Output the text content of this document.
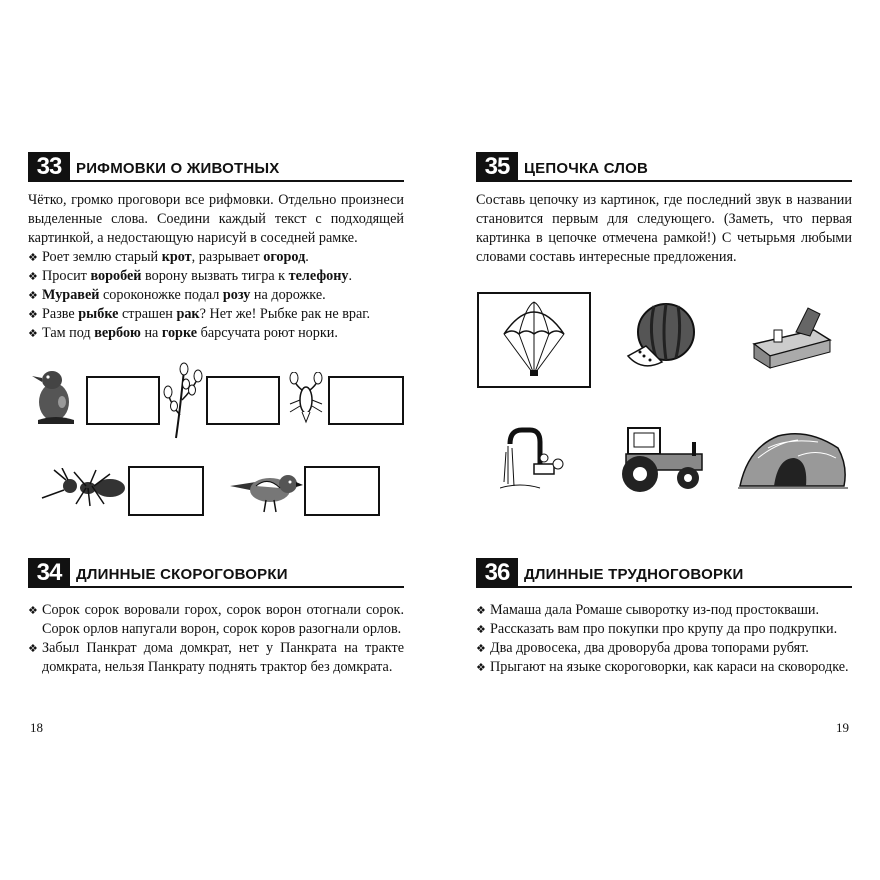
33 РИФМОВКИ О ЖИВОТНЫХ

Чётко, громко проговори все рифмовки. Отдельно произнеси выделенные слова. Соедини каждый текст с подходящей картинкой, а недостающую нарисуй в соседней рамке.

❖ Роет землю старый крот, разрывает огород.
❖ Просит воробей ворону вызвать тигра к телефону.
❖ Муравей сороконожке подал розу на дорожке.
❖ Разве рыбке страшен рак? Нет же! Рыбке рак не враг.
❖ Там под вербою на горке барсучата роют норки.
34 ДЛИННЫЕ СКОРОГОВОРКИ
❖ Сорок сорок воровали горох, сорок ворон отогнали сорок. Сорок орлов напугали ворон, сорок коров разогнали орлов.
❖ Забыл Панкрат дома домкрат, нет у Панкрата на тракте домкрата, нельзя Панкрату поднять трактор без домкрата.
18
35 ЦЕПОЧКА СЛОВ

Составь цепочку из картинок, где последний звук в названии становится первым для следующего. (Заметь, что первая картинка в цепочке отмечена рамкой!) С четырьмя любыми словами составь интересные предложения.

36 ДЛИННЫЕ ТРУДНОГОВОРКИ
❖ Мамаша дала Ромаше сыворотку из-под простокваши.
❖ Рассказать вам про покупки про крупу да про подкрупки.
❖ Два дровосека, два дроворуба дрова топорами рубят.
❖ Прыгают на языке скороговорки, как караси на сковородке.
19
